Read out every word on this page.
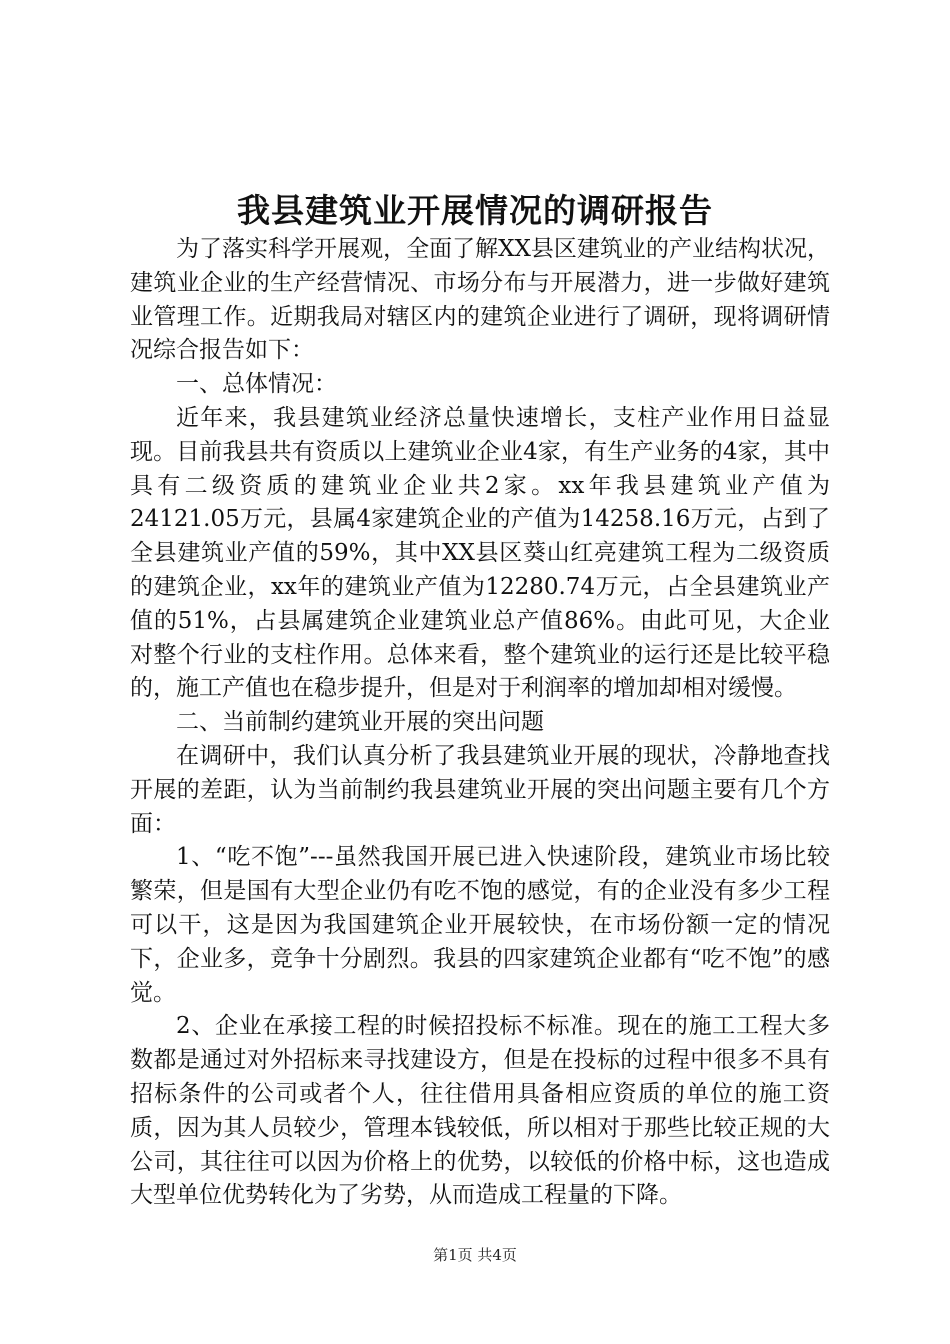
我县建筑业开展情况的调研报告

为了落实科学开展观，全面了解XX县区建筑业的产业结构状况，建筑业企业的生产经营情况、市场分布与开展潜力，进一步做好建筑业管理工作。近期我局对辖区内的建筑企业进行了调研，现将调研情况综合报告如下：

一、总体情况：

近年来，我县建筑业经济总量快速增长，支柱产业作用日益显现。目前我县共有资质以上建筑业企业4家，有生产业务的4家，其中具有二级资质的建筑业企业共2家。xx年我县建筑业产值为24121.05万元，县属4家建筑企业的产值为14258.16万元，占到了全县建筑业产值的59%，其中XX县区葵山红亮建筑工程为二级资质的建筑企业，xx年的建筑业产值为12280.74万元，占全县建筑业产值的51%，占县属建筑企业建筑业总产值86%。由此可见，大企业对整个行业的支柱作用。总体来看，整个建筑业的运行还是比较平稳的，施工产值也在稳步提升，但是对于利润率的增加却相对缓慢。

二、当前制约建筑业开展的突出问题

在调研中，我们认真分析了我县建筑业开展的现状，冷静地查找开展的差距，认为当前制约我县建筑业开展的突出问题主要有几个方面：

1、“吃不饱”---虽然我国开展已进入快速阶段，建筑业市场比较繁荣，但是国有大型企业仍有吃不饱的感觉，有的企业没有多少工程可以干，这是因为我国建筑企业开展较快，在市场份额一定的情况下，企业多，竞争十分剧烈。我县的四家建筑企业都有“吃不饱”的感觉。

2、企业在承接工程的时候招投标不标准。现在的施工工程大多数都是通过对外招标来寻找建设方，但是在投标的过程中很多不具有招标条件的公司或者个人，往往借用具备相应资质的单位的施工资质，因为其人员较少，管理本钱较低，所以相对于那些比较正规的大公司，其往往可以因为价格上的优势，以较低的价格中标，这也造成大型单位优势转化为了劣势，从而造成工程量的下降。

第1页 共4页
